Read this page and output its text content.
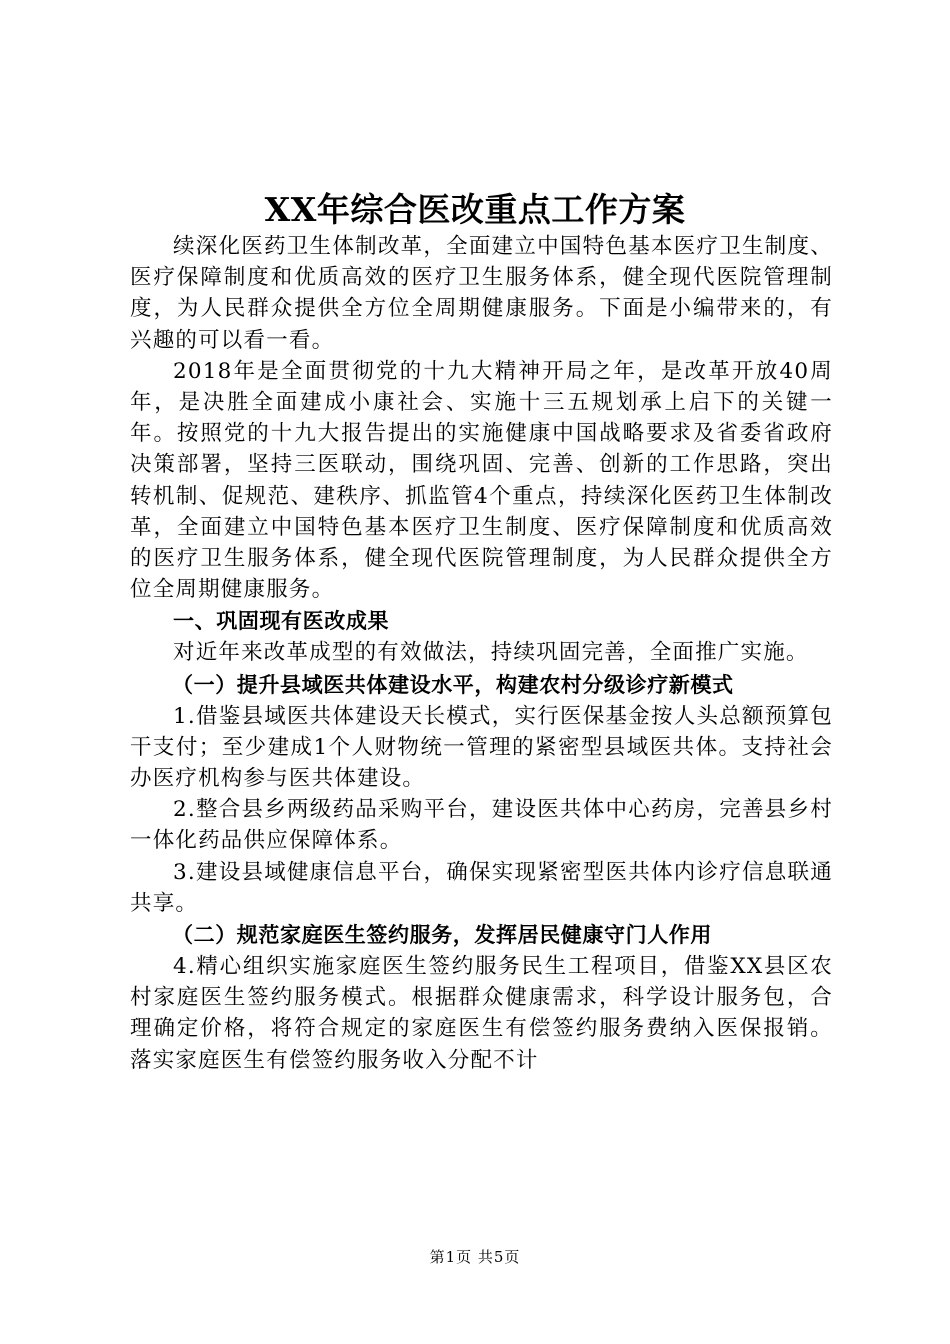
XX年综合医改重点工作方案

续深化医药卫生体制改革，全面建立中国特色基本医疗卫生制度、医疗保障制度和优质高效的医疗卫生服务体系，健全现代医院管理制度，为人民群众提供全方位全周期健康服务。下面是小编带来的，有兴趣的可以看一看。

2018年是全面贯彻党的十九大精神开局之年，是改革开放40周年，是决胜全面建成小康社会、实施十三五规划承上启下的关键一年。按照党的十九大报告提出的实施健康中国战略要求及省委省政府决策部署，坚持三医联动，围绕巩固、完善、创新的工作思路，突出转机制、促规范、建秩序、抓监管4个重点，持续深化医药卫生体制改革，全面建立中国特色基本医疗卫生制度、医疗保障制度和优质高效的医疗卫生服务体系，健全现代医院管理制度，为人民群众提供全方位全周期健康服务。

一、巩固现有医改成果

对近年来改革成型的有效做法，持续巩固完善，全面推广实施。

（一）提升县域医共体建设水平，构建农村分级诊疗新模式

1.借鉴县域医共体建设天长模式，实行医保基金按人头总额预算包干支付；至少建成1个人财物统一管理的紧密型县域医共体。支持社会办医疗机构参与医共体建设。

2.整合县乡两级药品采购平台，建设医共体中心药房，完善县乡村一体化药品供应保障体系。

3.建设县域健康信息平台，确保实现紧密型医共体内诊疗信息联通共享。

（二）规范家庭医生签约服务，发挥居民健康守门人作用

4.精心组织实施家庭医生签约服务民生工程项目，借鉴XX县区农村家庭医生签约服务模式。根据群众健康需求，科学设计服务包，合理确定价格，将符合规定的家庭医生有偿签约服务费纳入医保报销。落实家庭医生有偿签约服务收入分配不计

第1页 共5页
